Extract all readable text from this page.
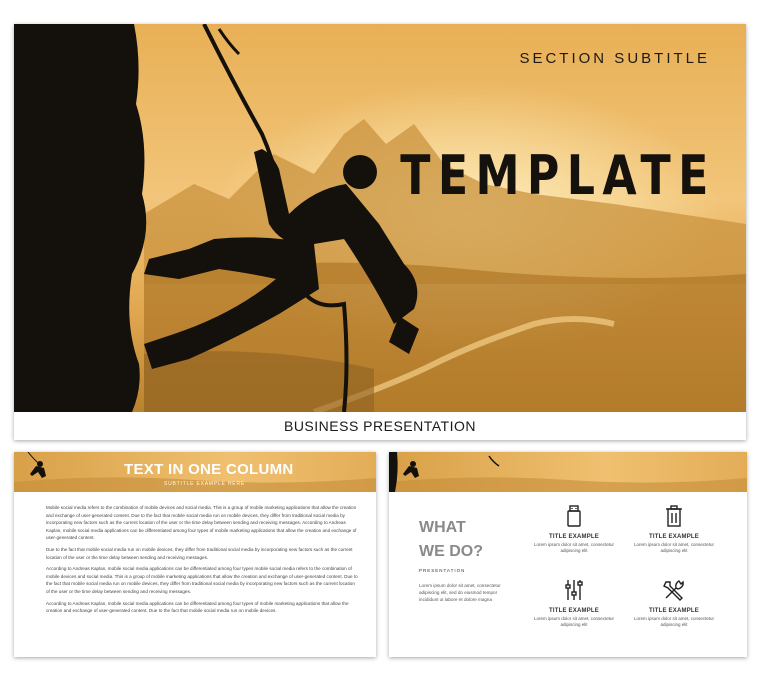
SECTION SUBTITLE
TEMPLATE
BUSINESS PRESENTATION
TEXT IN ONE COLUMN
SUBTITLE EXAMPLE HERE

Mobile social media refers to the combination of mobile devices and social media. This is a group of mobile marketing applications that allow the creation and exchange of user-generated content. Due to the fact that mobile social media run on mobile devices, they differ from traditional social media by incorporating new factors such as the current location of the user or the time delay between sending and receiving messages. According to Andreas Kaplan, mobile social media applications can be differentiated among four types of mobile marketing applications that allow the creation and exchange of user-generated content.

Due to the fact that mobile social media run on mobile devices, they differ from traditional social media by incorporating new factors such as the current location of the user or the time delay between sending and receiving messages.

According to Andreas Kaplan, mobile social media applications can be differentiated among four types mobile social media refers to the combination of mobile devices and social media. This is a group of mobile marketing applications that allow the creation and exchange of user-generated content. Due to the fact that mobile social media run on mobile devices, they differ from traditional social media by incorporating new factors such as the current location of the user or the time delay between sending and receiving messages.

According to Andreas Kaplan, mobile social media applications can be differentiated among four types of mobile marketing applications that allow the creation and exchange of user-generated content. Due to the fact that mobile social media run on mobile devices.

WHAT
WE DO?
PRESENTATION
Lorem ipsum dolor sit amet, consectetur adipiscing elit, sed do eiusmod tempor incididunt ut labore et dolore magna
TITLE EXAMPLE
Lorem ipsum dolor sit amet, consectetur adipiscing elit
TITLE EXAMPLE
Lorem ipsum dolor sit amet, consectetur adipiscing elit
TITLE EXAMPLE
Lorem ipsum dolor sit amet, consectetur adipiscing elit
TITLE EXAMPLE
Lorem ipsum dolor sit amet, consectetur adipiscing elit
